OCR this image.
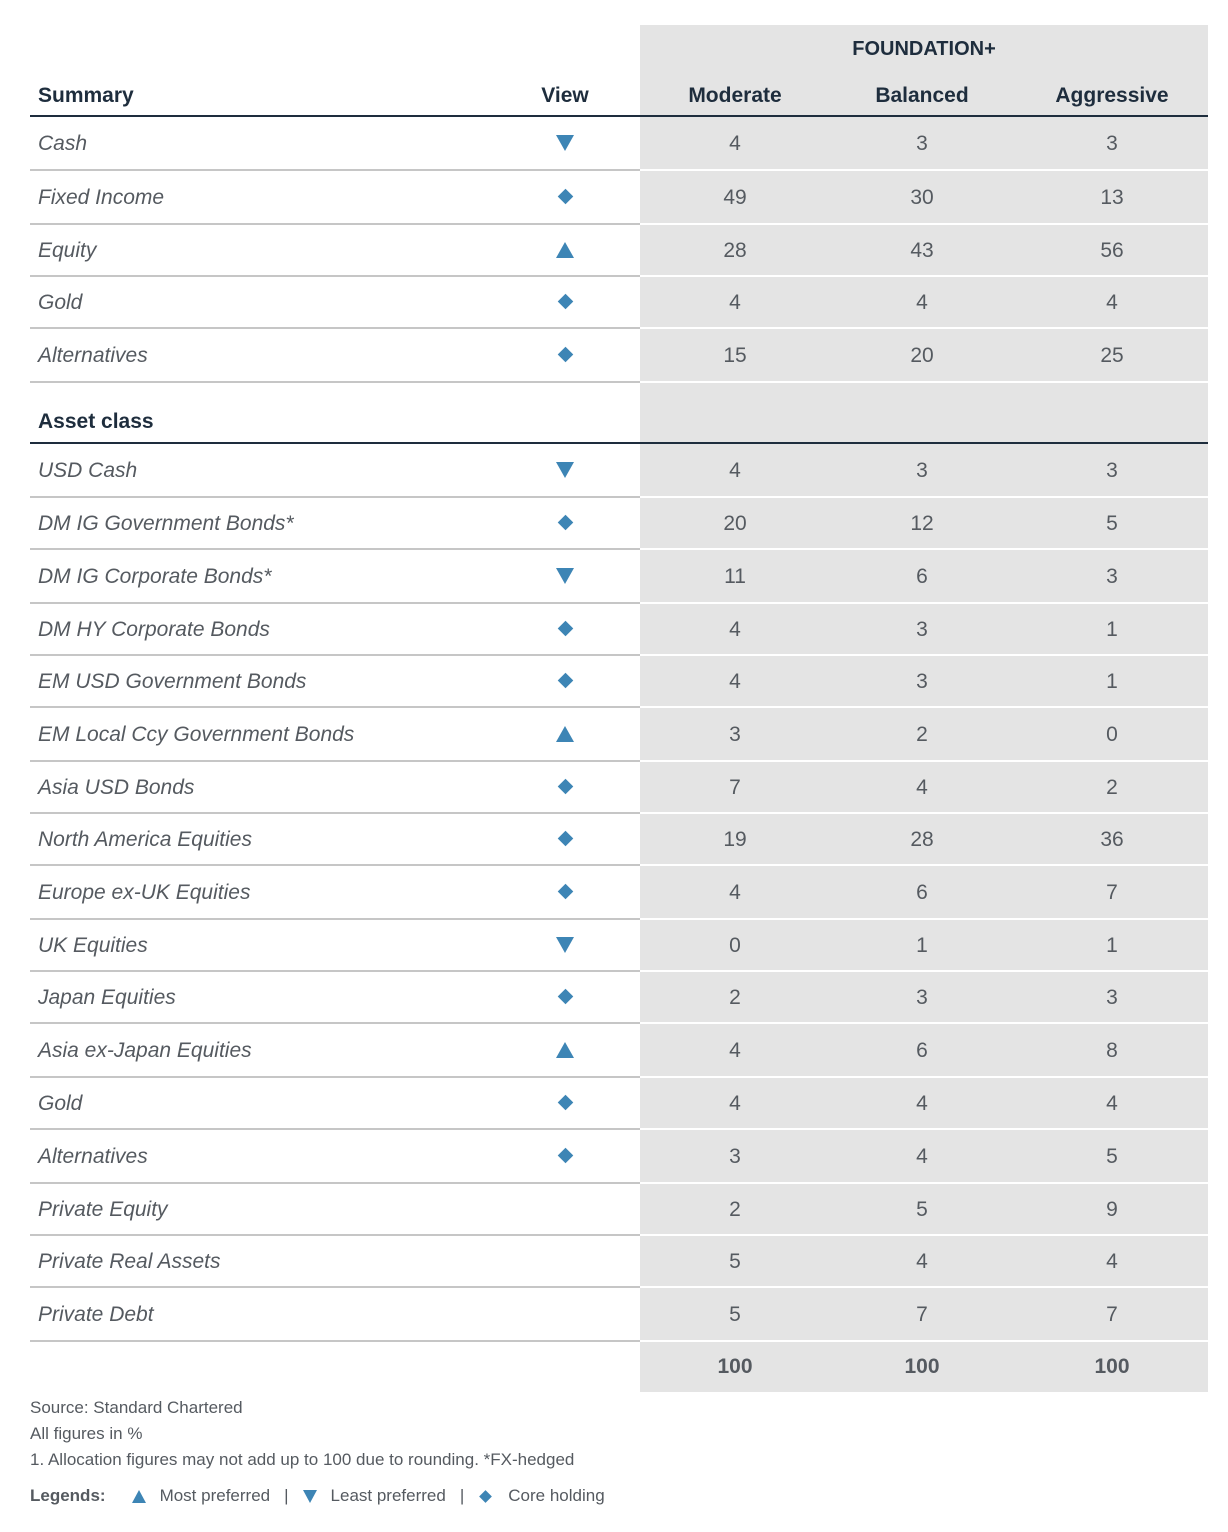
FOUNDATION+
Summary	View	Moderate	Balanced	Aggressive
Cash	4	3	3
Fixed Income	49	30	13
Equity	28	43	56
Gold	4	4	4
Alternatives	15	20	25
Asset class
USD Cash	4	3	3
DM IG Government Bonds*	20	12	5
DM IG Corporate Bonds*	11	6	3
DM HY Corporate Bonds	4	3	1
EM USD Government Bonds	4	3	1
EM Local Ccy Government Bonds	3	2	0
Asia USD Bonds	7	4	2
North America Equities	19	28	36
Europe ex-UK Equities	4	6	7
UK Equities	0	1	1
Japan Equities	2	3	3
Asia ex-Japan Equities	4	6	8
Gold	4	4	4
Alternatives	3	4	5
Private Equity	2	5	9
Private Real Assets	5	4	4
Private Debt	5	7	7
100	100	100
Source: Standard Chartered
All figures in %
1. Allocation figures may not add up to 100 due to rounding. *FX-hedged
Legends:	Most preferred | Least preferred |	Core holding
